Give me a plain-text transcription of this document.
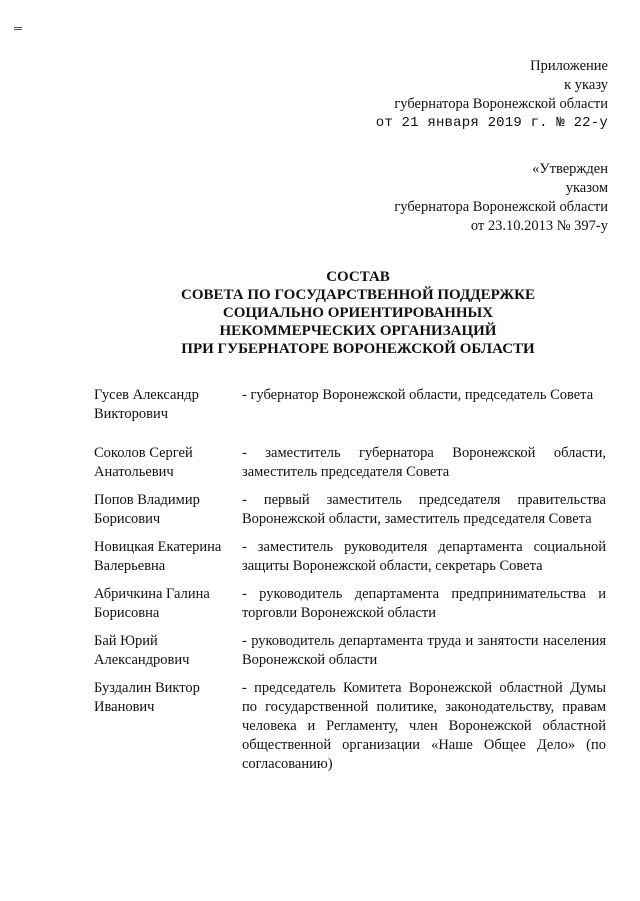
Приложение
к указу
губернатора Воронежской области
от 21 января 2019 г. № 22-у
«Утвержден
указом
губернатора Воронежской области
от 23.10.2013 № 397-у
СОСТАВ
СОВЕТА ПО ГОСУДАРСТВЕННОЙ ПОДДЕРЖКЕ
СОЦИАЛЬНО ОРИЕНТИРОВАННЫХ
НЕКОММЕРЧЕСКИХ ОРГАНИЗАЦИЙ
ПРИ ГУБЕРНАТОРЕ ВОРОНЕЖСКОЙ ОБЛАСТИ
Гусев Александр Викторович	- губернатор Воронежской области, председатель Совета
Соколов Сергей Анатольевич	- заместитель губернатора Воронежской области, заместитель председателя Совета
Попов Владимир Борисович	- первый заместитель председателя правительства Воронежской области, заместитель председателя Совета
Новицкая Екатерина Валерьевна	- заместитель руководителя департамента социальной защиты Воронежской области, секретарь Совета
Абричкина Галина Борисовна	- руководитель департамента предпринимательства и торговли Воронежской области
Бай Юрий Александрович	- руководитель департамента труда и занятости населения Воронежской области
Буздалин Виктор Иванович	- председатель Комитета Воронежской областной Думы по государственной политике, законодательству, правам человека и Регламенту, член Воронежской областной общественной организации «Наше Общее Дело» (по согласованию)
